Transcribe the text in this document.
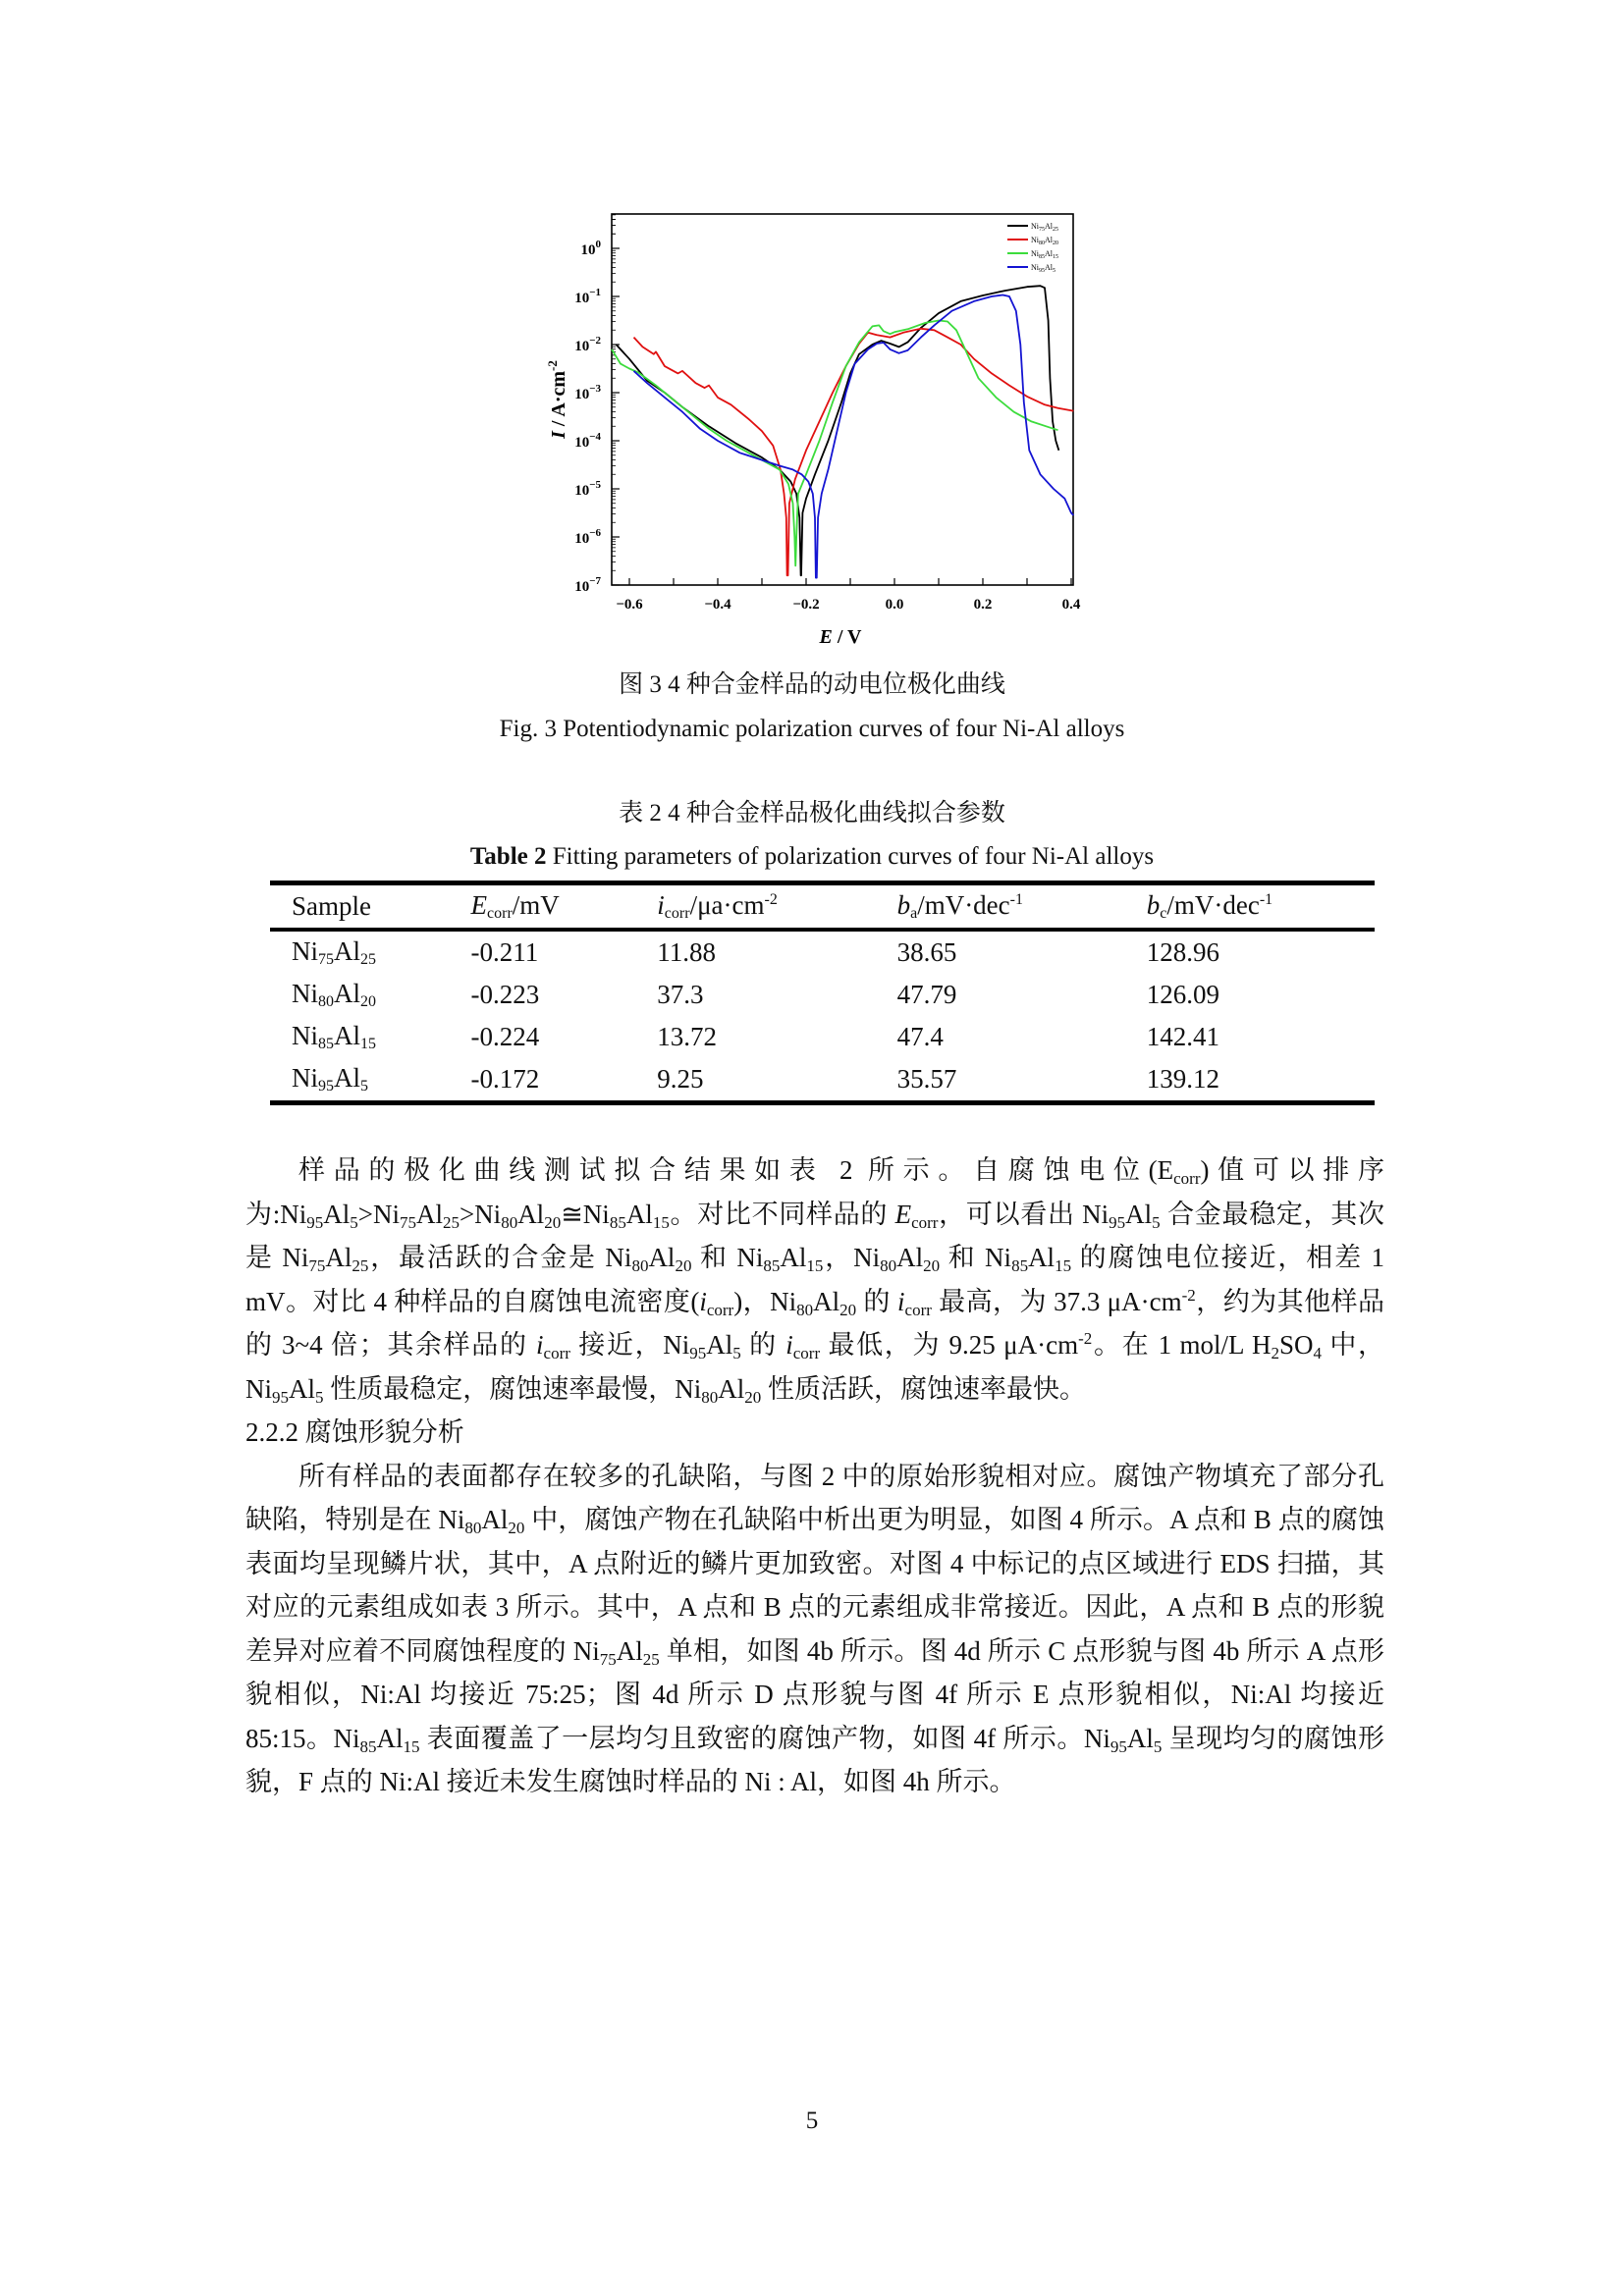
$10^0$
$10^{-1}$
$10^{-2}$
$10^{-3}$
$10^{-4}$
$10^{-5}$
$10^{-6}$
$10^{-7}$
−0.6	−0.4	−0.2	0.0	0.2	0.4
$Ni_{75}Al_{25}$
$Ni_{80}Al_{20}$
$Ni_{85}Al_{15}$
$Ni_{95}Al_5$
E / V
$I / A\cdot cm^{-2}$
图 3 4 种合金样品的动电位极化曲线
Fig. 3 Potentiodynamic polarization curves of four Ni-Al alloys
表 2 4 种合金样品极化曲线拟合参数
Table 2 Fitting parameters of polarization curves of four Ni-Al alloys
Sample	$E_{corr}/mV$	$i_{corr}/\mu a\cdot cm^{-2}$	$b_a/mV\cdot dec^{-1}$	$b_c/mV\cdot dec^{-1}$
$Ni_{75}Al_{25}$	-0.211	11.88	38.65	128.96
$Ni_{80}Al_{20}$	-0.223	37.3	47.79	126.09
$Ni_{85}Al_{15}$	-0.224	13.72	47.4	142.41
$Ni_{95}Al_5$	-0.172	9.25	35.57	139.12

样品的极化曲线测试拟合结果如表 2 所示。自腐蚀电位$(E_{corr})$值可以排序为$:Ni_{95}Al_5>Ni_{75}Al_{25}>Ni_{80}Al_{20}≅Ni_{85}Al_{15}$。对比不同样品的 $E_{corr}$，可以看出 $Ni_{95}Al_5$ 合金最稳定，其次是 $Ni_{75}Al_{25}$，最活跃的合金是 $Ni_{80}Al_{20}$ 和 $Ni_{85}Al_{15}$，$Ni_{80}Al_{20}$ 和 $Ni_{85}Al_{15}$ 的腐蚀电位接近，相差 1 mV。对比 4 种样品的自腐蚀电流密度$(i_{corr})$，$Ni_{80}Al_{20}$ 的 $i_{corr}$ 最高，为 37.3 $\mu A\cdot cm^{-2}$，约为其他样品的 3~4 倍；其余样品的 $i_{corr}$ 接近，$Ni_{95}Al_5$ 的 $i_{corr}$ 最低，为 9.25 $\mu A\cdot cm^{-2}$。在 1 mol/L $H_2SO_4$ 中，$Ni_{95}Al_5$ 性质最稳定，腐蚀速率最慢，$Ni_{80}Al_{20}$ 性质活跃，腐蚀速率最快。

2.2.2 腐蚀形貌分析

所有样品的表面都存在较多的孔缺陷，与图 2 中的原始形貌相对应。腐蚀产物填充了部分孔缺陷，特别是在 $Ni_{80}Al_{20}$ 中，腐蚀产物在孔缺陷中析出更为明显，如图 4 所示。A 点和 B 点的腐蚀表面均呈现鳞片状，其中，A 点附近的鳞片更加致密。对图 4 中标记的点区域进行 EDS 扫描，其对应的元素组成如表 3 所示。其中，A 点和 B 点的元素组成非常接近。因此，A 点和 B 点的形貌差异对应着不同腐蚀程度的 $Ni_{75}Al_{25}$ 单相，如图 4b 所示。图 4d 所示 C 点形貌与图 4b 所示 A 点形貌相似，Ni:Al 均接近 75:25；图 4d 所示 D 点形貌与图 4f 所示 E 点形貌相似，Ni:Al 均接近 85:15。$Ni_{85}Al_{15}$ 表面覆盖了一层均匀且致密的腐蚀产物，如图 4f 所示。$Ni_{95}Al_5$ 呈现均匀的腐蚀形貌，F 点的 Ni:Al 接近未发生腐蚀时样品的 Ni : Al，如图 4h 所示。

5
